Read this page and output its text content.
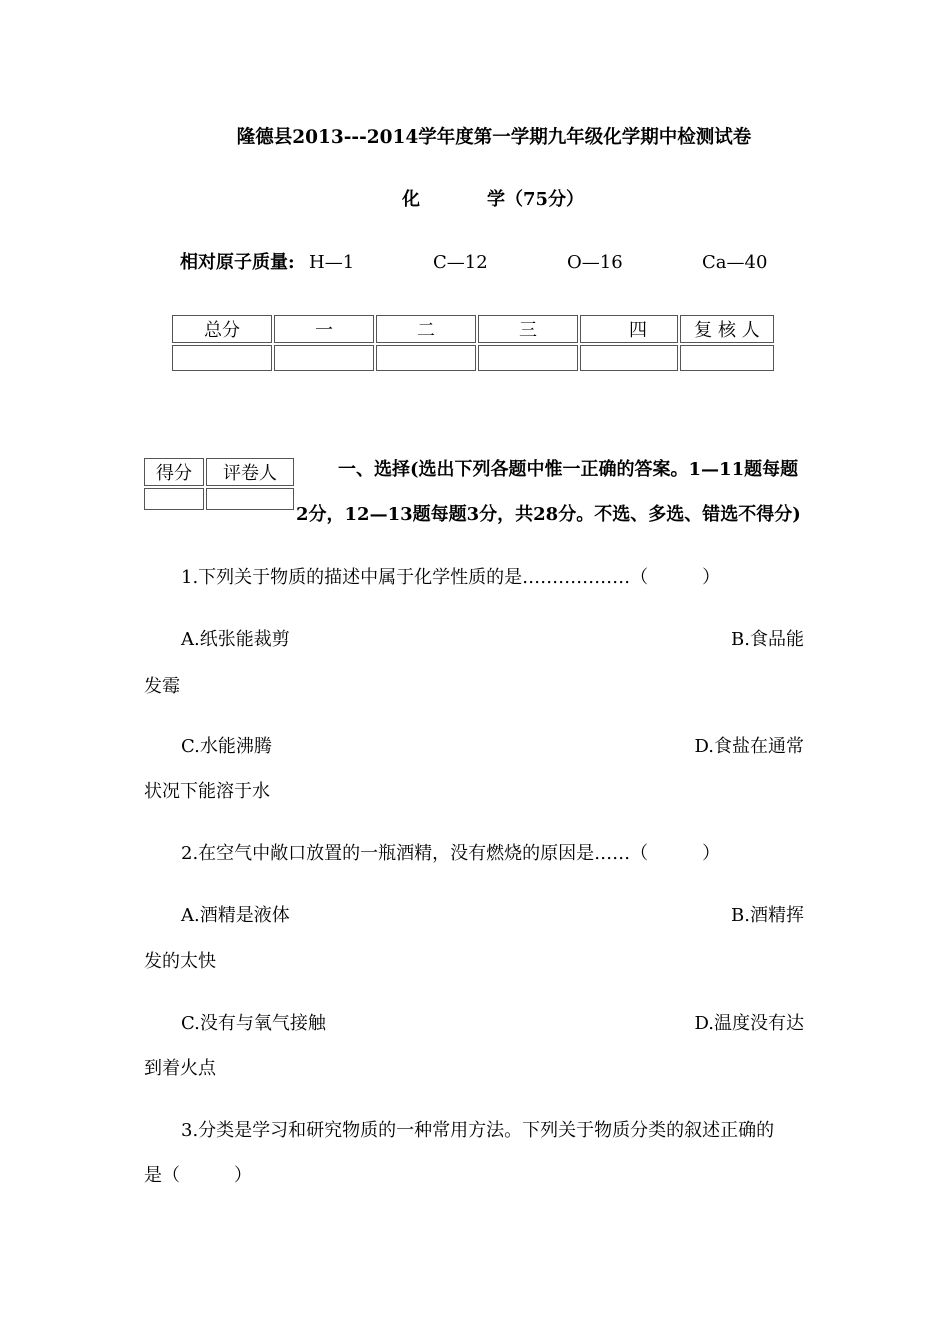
隆德县2013---2014学年度第一学期九年级化学期中检测试卷
化	学（75分）
相对原子质量: H—1	C—12	O—16	Ca—40
总分	一	二	三	四	复 核 人

得分	评卷人
		一、选择(选出下列各题中惟一正确的答案。1—11题每题
2分，12—13题每题3分，共28分。不选、多选、错选不得分)
1.下列关于物质的描述中属于化学性质的是………………（　　　）
A.纸张能裁剪	B.食品能
发霉
C.水能沸腾	D.食盐在通常
状况下能溶于水
2.在空气中敞口放置的一瓶酒精，没有燃烧的原因是……（　　　）
A.酒精是液体	B.酒精挥
发的太快
C.没有与氧气接触	D.温度没有达
到着火点
3.分类是学习和研究物质的一种常用方法。下列关于物质分类的叙述正确的
是（　　　）
